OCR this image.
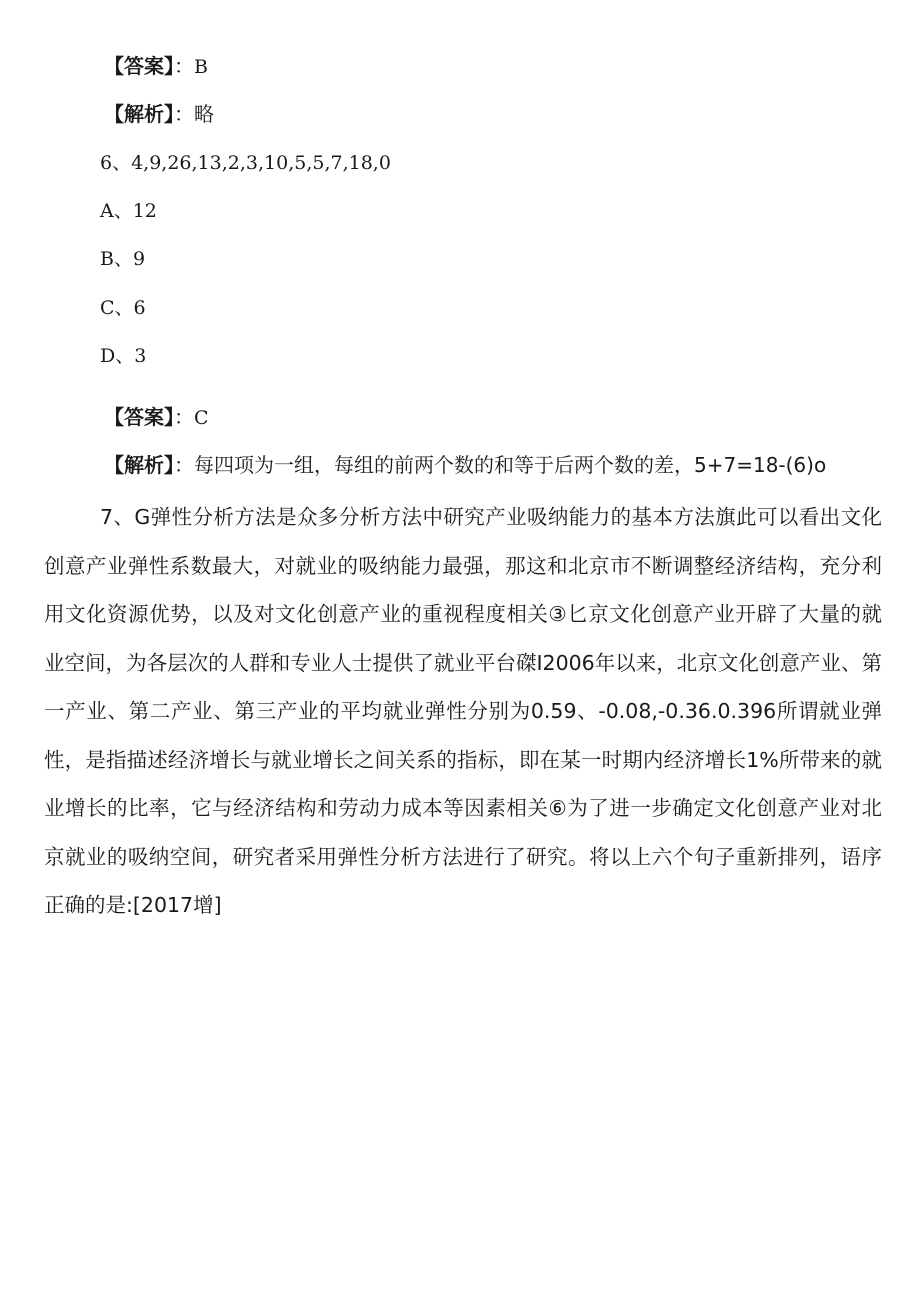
【答案】：B
【解析】：略
6、4,9,26,13,2,3,10,5,5,7,18,0
A、12
B、9
C、6
D、3
【答案】：C
【解析】：每四项为一组，每组的前两个数的和等于后两个数的差，5+7=18-(6)o
7、G弹性分析方法是众多分析方法中研究产业吸纳能力的基本方法旗此可以看出文化创意产业弹性系数最大，对就业的吸纳能力最强，那这和北京市不断调整经济结构，充分利用文化资源优势，以及对文化创意产业的重视程度相关③匕京文化创意产业开辟了大量的就业空间，为各层次的人群和专业人士提供了就业平台磔I2006年以来，北京文化创意产业、第一产业、第二产业、第三产业的平均就业弹性分别为0.59、-0.08,-0.36.0.396所谓就业弹性，是指描述经济增长与就业增长之间关系的指标，即在某一时期内经济增长1%所带来的就业增长的比率，它与经济结构和劳动力成本等因素相关⑥为了进一步确定文化创意产业对北京就业的吸纳空间，研究者采用弹性分析方法进行了研究。将以上六个句子重新排列，语序正确的是:[2017增]
